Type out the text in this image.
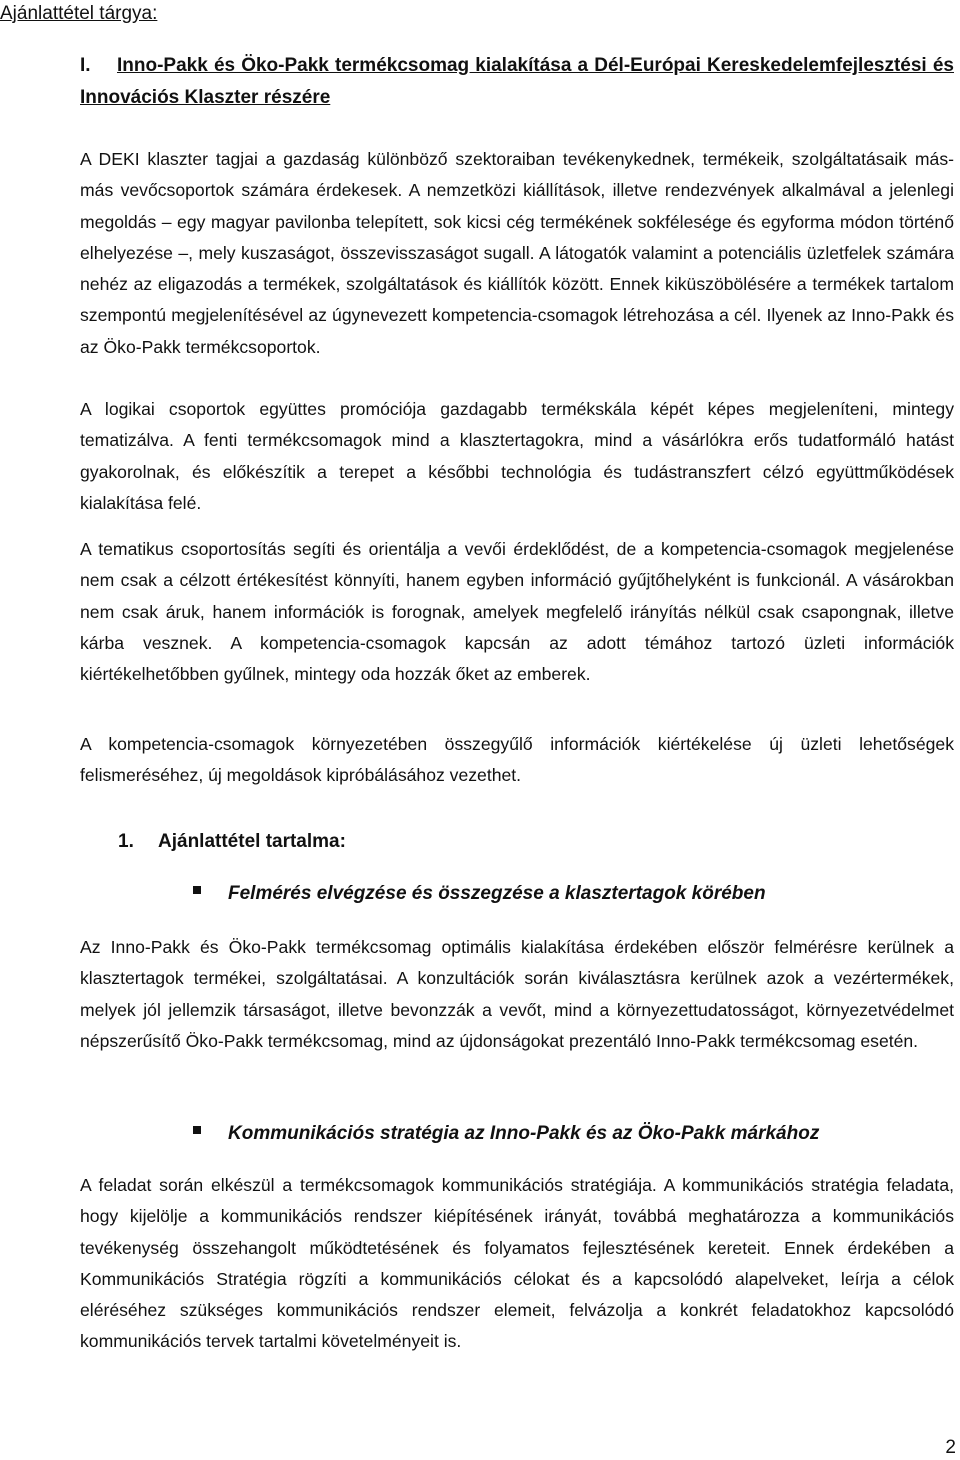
Ajánlattétel tárgya:

I. Inno-Pakk és Öko-Pakk termékcsomag kialakítása a Dél-Európai Kereskedelemfejlesztési és Innovációs Klaszter részére

A DEKI klaszter tagjai a gazdaság különböző szektoraiban tevékenykednek, termékeik, szolgáltatásaik más-más vevőcsoportok számára érdekesek. A nemzetközi kiállítások, illetve rendezvények alkalmával a jelenlegi megoldás – egy magyar pavilonba telepített, sok kicsi cég termékének sokfélesége és egyforma módon történő elhelyezése –, mely kuszaságot, összevisszaságot sugall. A látogatók valamint a potenciális üzletfelek számára nehéz az eligazodás a termékek, szolgáltatások és kiállítók között. Ennek kiküszöbölésére a termékek tartalom szempontú megjelenítésével az úgynevezett kompetencia-csomagok létrehozása a cél. Ilyenek az Inno-Pakk és az Öko-Pakk termékcsoportok.

A logikai csoportok együttes promóciója gazdagabb termékskála képét képes megjeleníteni, mintegy tematizálva. A fenti termékcsomagok mind a klasztertagokra, mind a vásárlókra erős tudatformáló hatást gyakorolnak, és előkészítik a terepet a későbbi technológia és tudástranszfert célzó együttműködések kialakítása felé.

A tematikus csoportosítás segíti és orientálja a vevői érdeklődést, de a kompetencia-csomagok megjelenése nem csak a célzott értékesítést könnyíti, hanem egyben információ gyűjtőhelyként is funkcionál. A vásárokban nem csak áruk, hanem információk is forognak, amelyek megfelelő irányítás nélkül csak csapongnak, illetve kárba vesznek. A kompetencia-csomagok kapcsán az adott témához tartozó üzleti információk kiértékelhetőbben gyűlnek, mintegy oda hozzák őket az emberek.

A kompetencia-csomagok környezetében összegyűlő információk kiértékelése új üzleti lehetőségek felismeréséhez, új megoldások kipróbálásához vezethet.

1. Ajánlattétel tartalma:
Felmérés elvégzése és összegzése a klasztertagok körében

Az Inno-Pakk és Öko-Pakk termékcsomag optimális kialakítása érdekében először felmérésre kerülnek a klasztertagok termékei, szolgáltatásai. A konzultációk során kiválasztásra kerülnek azok a vezértermékek, melyek jól jellemzik társaságot, illetve bevonzzák a vevőt, mind a környezettudatosságot, környezetvédelmet népszerűsítő Öko-Pakk termékcsomag, mind az újdonságokat prezentáló Inno-Pakk termékcsomag esetén.

Kommunikációs stratégia az Inno-Pakk és az Öko-Pakk márkához

A feladat során elkészül a termékcsomagok kommunikációs stratégiája. A kommunikációs stratégia feladata, hogy kijelölje a kommunikációs rendszer kiépítésének irányát, továbbá meghatározza a kommunikációs tevékenység összehangolt működtetésének és folyamatos fejlesztésének kereteit. Ennek érdekében a Kommunikációs Stratégia rögzíti a kommunikációs célokat és a kapcsolódó alapelveket, leírja a célok eléréséhez szükséges kommunikációs rendszer elemeit, felvázolja a konkrét feladatokhoz kapcsolódó kommunikációs tervek tartalmi követelményeit is.

2
